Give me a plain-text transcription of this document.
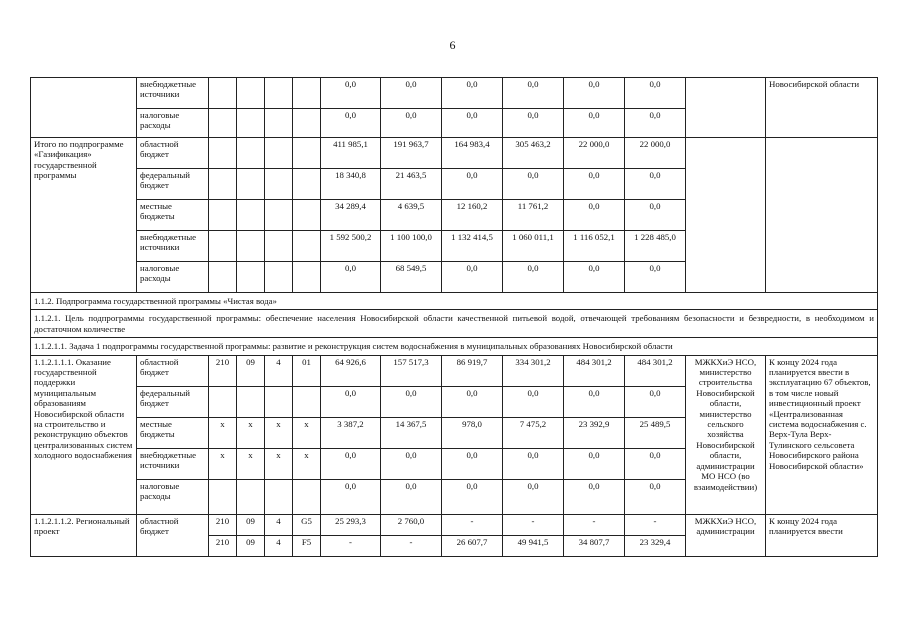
6
	внебюджетные источники					0,0	0,0	0,0	0,0	0,0	0,0		Новосибирской области
	налоговые расходы					0,0	0,0	0,0	0,0	0,0	0,0		
Итого по подпрограмме «Газификация» государственной программы	областной бюджет					411 985,1	191 963,7	164 983,4	305 463,2	22 000,0	22 000,0		
	федеральный бюджет					18 340,8	21 463,5	0,0	0,0	0,0	0,0		
	местные бюджеты					34 289,4	4 639,5	12 160,2	11 761,2	0,0	0,0		
	внебюджетные источники					1 592 500,2	1 100 100,0	1 132 414,5	1 060 011,1	1 116 052,1	1 228 485,0		
	налоговые расходы					0,0	68 549,5	0,0	0,0	0,0	0,0		
1.1.2. Подпрограмма государственной программы «Чистая вода»													
1.1.2.1. Цель подпрограммы государственной программы: обеспечение населения Новосибирской области качественной питьевой водой, отвечающей требованиям безопасности и безвредности, в необходимом и достаточном количестве													
1.1.2.1.1. Задача 1 подпрограммы государственной программы: развитие и реконструкция систем водоснабжения в муниципальных образованиях Новосибирской области													
1.1.2.1.1.1. Оказание государственной поддержки муниципальным образованиям Новосибирской области на строительство и реконструкцию объектов централизованных систем холодного водоснабжения	областной бюджет	210	09	4	01	64 926,6	157 517,3	86 919,7	334 301,2	484 301,2	484 301,2	МЖКХиЭ НСО, министерство строительства Новосибирской области, министерство сельского хозяйства Новосибирской области, администрации МО НСО (во взаимодействии)	К концу 2024 года планируется ввести в эксплуатацию 67 объектов, в том числе новый инвестиционный проект «Централизованная система водоснабжения с. Верх-Тула Верх-Тулинского сельсовета Новосибирского района Новосибирской области»
	федеральный бюджет					0,0	0,0	0,0	0,0	0,0	0,0		
	местные бюджеты	x	x	x	x	3 387,2	14 367,5	978,0	7 475,2	23 392,9	25 489,5		
	внебюджетные источники	x	x	x	x	0,0	0,0	0,0	0,0	0,0	0,0		
	налоговые расходы					0,0	0,0	0,0	0,0	0,0	0,0		
1.1.2.1.1.2. Региональный проект	областной бюджет	210	09	4	G5	25 293,3	2 760,0	-	-	-	-	МЖКХиЭ НСО, администрации	К концу 2024 года планируется ввести
		210	09	4	F5	-	-	26 607,7	49 941,5	34 807,7	23 329,4		
